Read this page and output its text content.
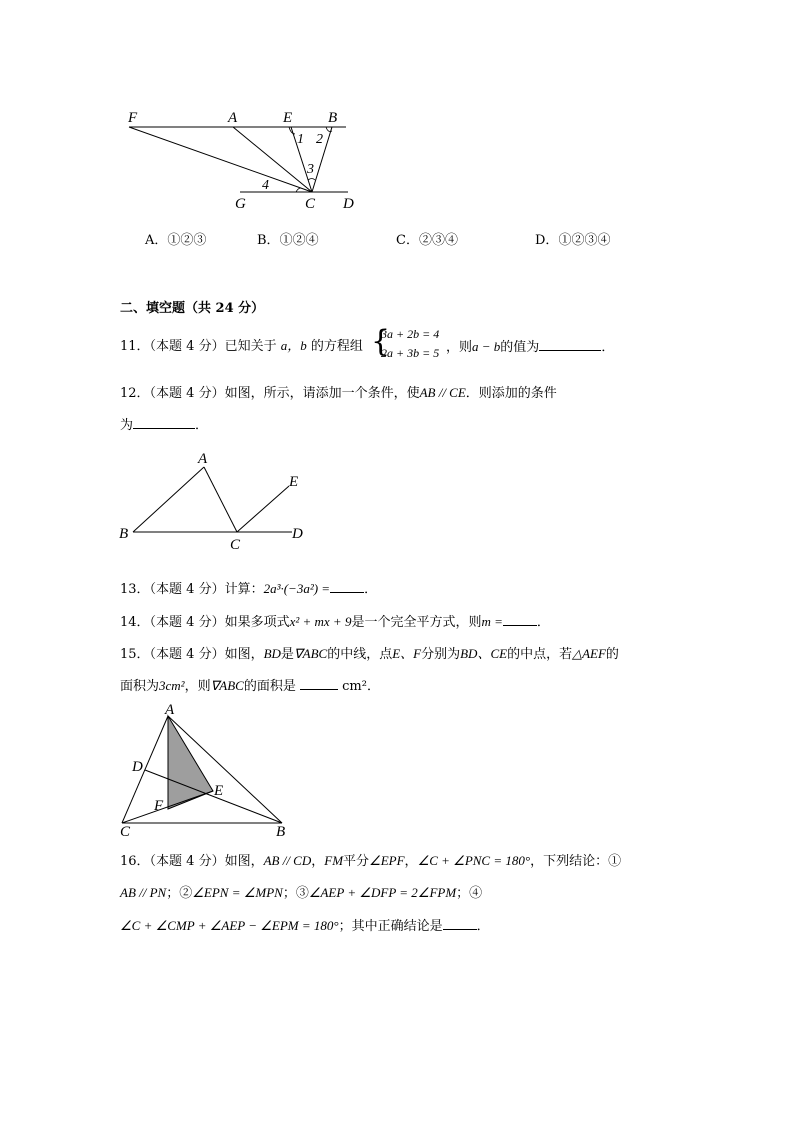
F	A	E B
G	C D
1 2
3
4
A．①②③	B．①②④	C．②③④	D．①②③④
二、填空题（共 24 分）
11．（本题 4 分）已知关于 a，b 的方程组 {
3a + 2b = 4
2a + 3b = 5 ，则a − b的值为	．
12．（本题 4 分）如图，所示，请添加一个条件，使AB // CE．则添加的条件
为	．
A
B
C
D
E
13．（本题 4 分）计算：2a³·(−3a²) =	．
14．（本题 4 分）如果多项式x² + mx + 9是一个完全平方式，则m =	．
15．（本题 4 分）如图，BD是∇ABC的中线，点E、F分别为BD、CE的中点，若△AEF的
面积为3cm²，则∇ABC的面积是	cm²．
A
D
E
F
C	B
16．（本题 4 分）如图，AB // CD，FM平分∠EPF，∠C + ∠PNC = 180°，下列结论：①
AB // PN；②∠EPN = ∠MPN；③∠AEP + ∠DFP = 2∠FPM；④
∠C + ∠CMP + ∠AEP − ∠EPM = 180°；其中正确结论是	．
